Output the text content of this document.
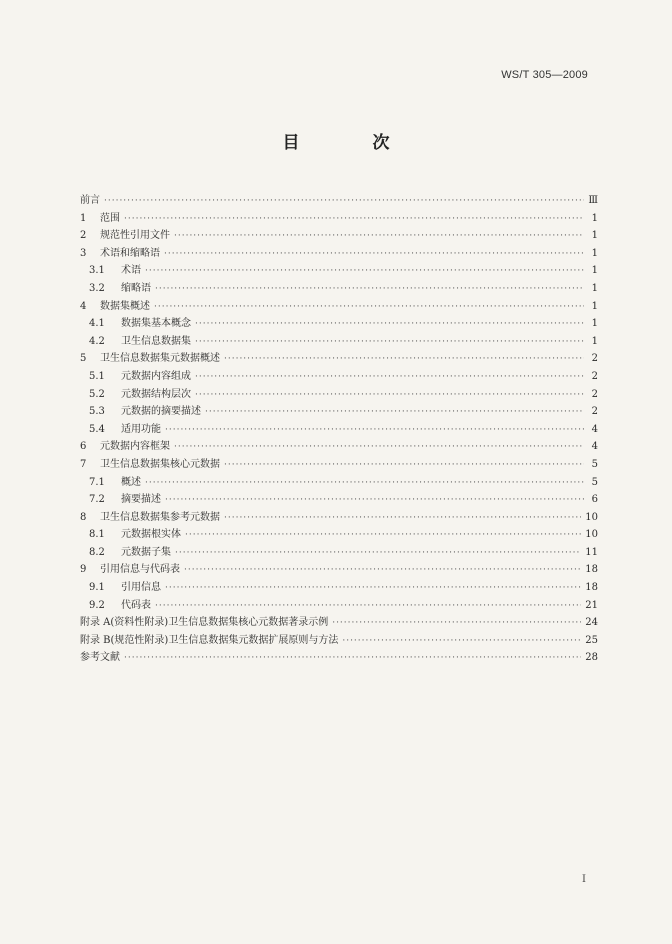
WS/T 305—2009
目　次
前言 ·····	Ⅲ
1	范围 ·····	1
2	规范性引用文件 ·····	1
3	术语和缩略语 ·····	1
3.1	术语 ·····	1
3.2	缩略语 ·····	1
4	数据集概述 ·····	1
4.1	数据集基本概念 ·····	1
4.2	卫生信息数据集 ·····	1
5	卫生信息数据集元数据概述 ·····	2
5.1	元数据内容组成 ·····	2
5.2	元数据结构层次 ·····	2
5.3	元数据的摘要描述 ·····	2
5.4	适用功能 ·····	4
6	元数据内容框架 ·····	4
7	卫生信息数据集核心元数据 ·····	5
7.1	概述 ·····	5
7.2	摘要描述 ·····	6
8	卫生信息数据集参考元数据 ·····	10
8.1	元数据根实体 ·····	10
8.2	元数据子集 ·····	11
9	引用信息与代码表 ·····	18
9.1	引用信息 ·····	18
9.2	代码表 ·····	21
附录 A(资料性附录)卫生信息数据集核心元数据著录示例 ·····	24
附录 B(规范性附录)卫生信息数据集元数据扩展原则与方法 ·····	25
参考文献 ·····	28
Ⅰ
